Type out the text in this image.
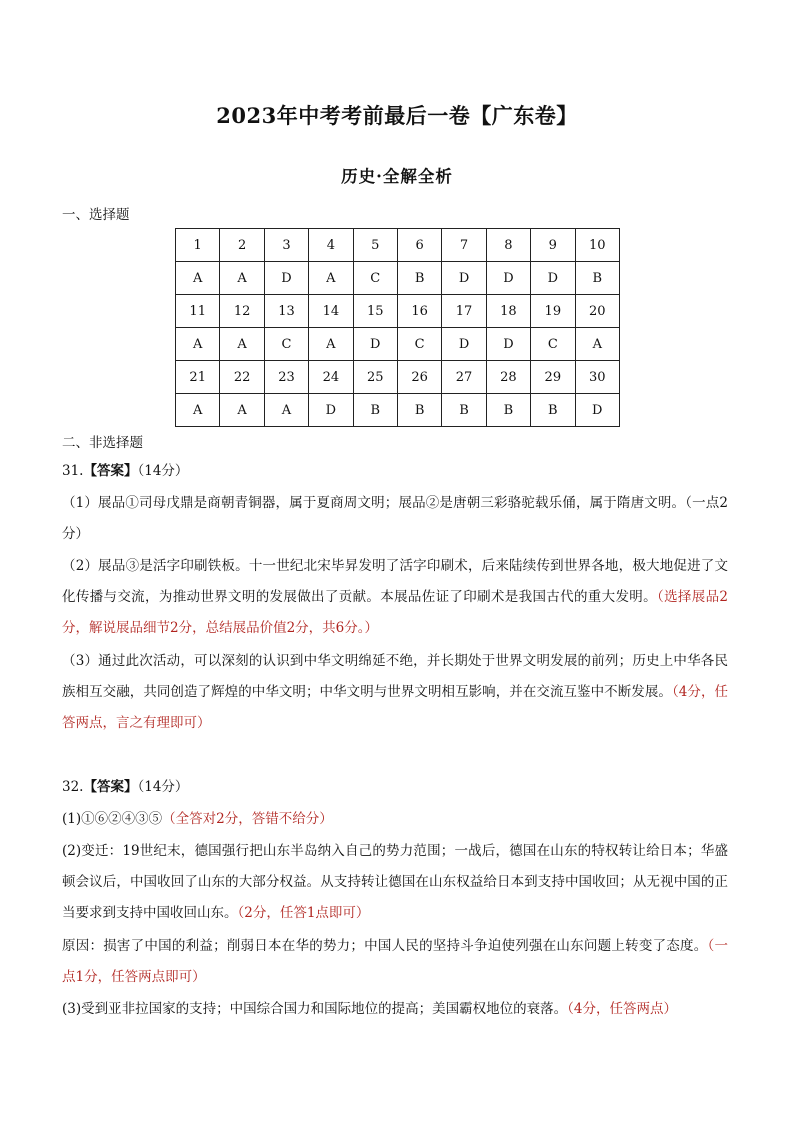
2023年中考考前最后一卷【广东卷】
历史·全解全析
一、选择题
1	2	3	4	5	6	7	8	9	10
A	A	D	A	C	B	D	D	D	B
11	12	13	14	15	16	17	18	19	20
A	A	C	A	D	C	D	D	C	A
21	22	23	24	25	26	27	28	29	30
A	A	A	D	B	B	B	B	B	D
二、非选择题
31.【答案】（14分）
（1）展品①司母戊鼎是商朝青铜器，属于夏商周文明；展品②是唐朝三彩骆驼载乐俑，属于隋唐文明。（一点2分）
（2）展品③是活字印刷铁板。十一世纪北宋毕昇发明了活字印刷术，后来陆续传到世界各地，极大地促进了文化传播与交流，为推动世界文明的发展做出了贡献。本展品佐证了印刷术是我国古代的重大发明。（选择展品2分，解说展品细节2分，总结展品价值2分，共6分。）
（3）通过此次活动，可以深刻的认识到中华文明绵延不绝，并长期处于世界文明发展的前列；历史上中华各民族相互交融，共同创造了辉煌的中华文明；中华文明与世界文明相互影响，并在交流互鉴中不断发展。（4分，任答两点，言之有理即可）
32.【答案】（14分）
(1)①⑥②④③⑤（全答对2分，答错不给分）
(2)变迁：19世纪末，德国强行把山东半岛纳入自己的势力范围；一战后，德国在山东的特权转让给日本；华盛顿会议后，中国收回了山东的大部分权益。从支持转让德国在山东权益给日本到支持中国收回；从无视中国的正当要求到支持中国收回山东。（2分，任答1点即可）
原因：损害了中国的利益；削弱日本在华的势力；中国人民的坚持斗争迫使列强在山东问题上转变了态度。（一点1分，任答两点即可）
(3)受到亚非拉国家的支持；中国综合国力和国际地位的提高；美国霸权地位的衰落。（4分，任答两点）
